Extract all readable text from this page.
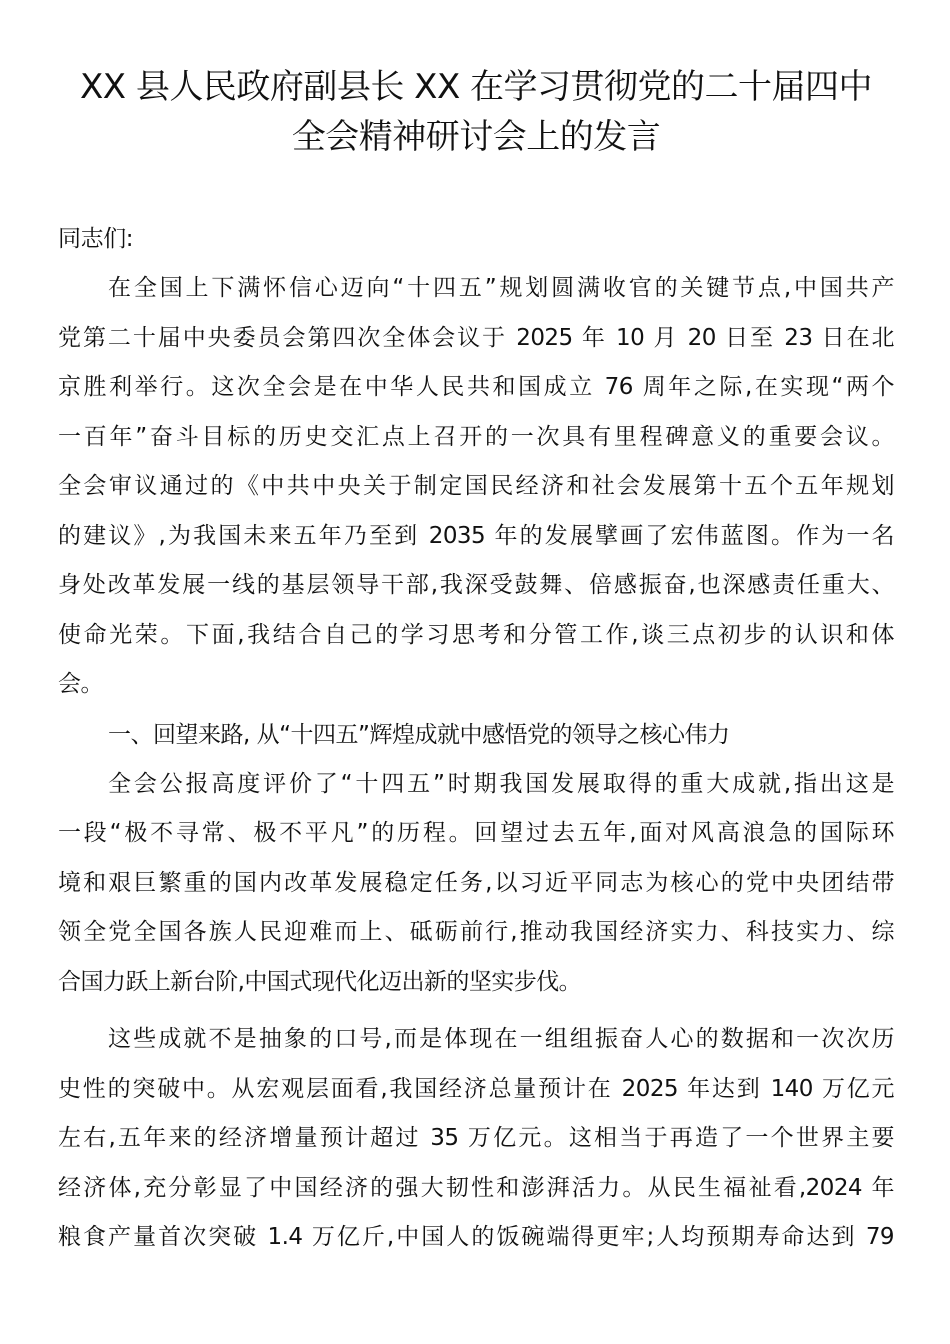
XX 县人民政府副县长 XX 在学习贯彻党的二十届四中
全会精神研讨会上的发言
同志们:
在全国上下满怀信心迈向“十四五”规划圆满收官的关键节点,中国共产
党第二十届中央委员会第四次全体会议于 2025 年 10 月 20 日至 23 日在北
京胜利举行。这次全会是在中华人民共和国成立 76 周年之际,在实现“两个
一百年”奋斗目标的历史交汇点上召开的一次具有里程碑意义的重要会议。
全会审议通过的《中共中央关于制定国民经济和社会发展第十五个五年规划
的建议》,为我国未来五年乃至到 2035 年的发展擘画了宏伟蓝图。作为一名
身处改革发展一线的基层领导干部,我深受鼓舞、倍感振奋,也深感责任重大、
使命光荣。下面,我结合自己的学习思考和分管工作,谈三点初步的认识和体
会。
一、回望来路, 从“十四五”辉煌成就中感悟党的领导之核心伟力
全会公报高度评价了“十四五”时期我国发展取得的重大成就,指出这是
一段“极不寻常、极不平凡”的历程。回望过去五年,面对风高浪急的国际环
境和艰巨繁重的国内改革发展稳定任务,以习近平同志为核心的党中央团结带
领全党全国各族人民迎难而上、砥砺前行,推动我国经济实力、科技实力、综
合国力跃上新台阶,中国式现代化迈出新的坚实步伐。
这些成就不是抽象的口号,而是体现在一组组振奋人心的数据和一次次历
史性的突破中。从宏观层面看,我国经济总量预计在 2025 年达到 140 万亿元
左右,五年来的经济增量预计超过 35 万亿元。这相当于再造了一个世界主要
经济体,充分彰显了中国经济的强大韧性和澎湃活力。从民生福祉看,2024 年
粮食产量首次突破 1.4 万亿斤,中国人的饭碗端得更牢;人均预期寿命达到 79
